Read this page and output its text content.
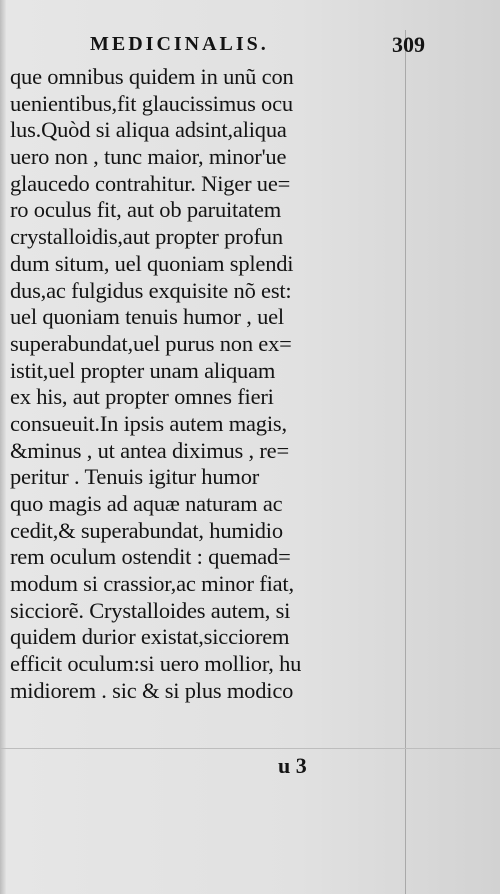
MEDICINALIS.	309
que omnibus quidem in unũ con
uenientibus,fit glaucissimus ocu
lus.Quòd si aliqua adsint,aliqua
uero non , tunc maior, minor'ue
glaucedo contrahitur. Niger ue=
ro oculus fit, aut ob paruitatem
crystalloidis,aut propter profun
dum situm, uel quoniam splendi
dus,ac fulgidus exquisite nõ est:
uel quoniam tenuis humor , uel
superabundat,uel purus non ex=
istit,uel propter unam aliquam
ex his, aut propter omnes fieri
consueuit.In ipsis autem magis,
&minus , ut antea diximus , re=
peritur . Tenuis igitur humor
quo magis ad aquæ naturam ac
cedit,& superabundat, humidio
rem oculum ostendit : quemad=
modum si crassior,ac minor fiat,
sicciorẽ. Crystalloides autem, si
quidem durior existat,sicciorem
efficit oculum:si uero mollior, hu
midiorem . sic & si plus modico
u 3
